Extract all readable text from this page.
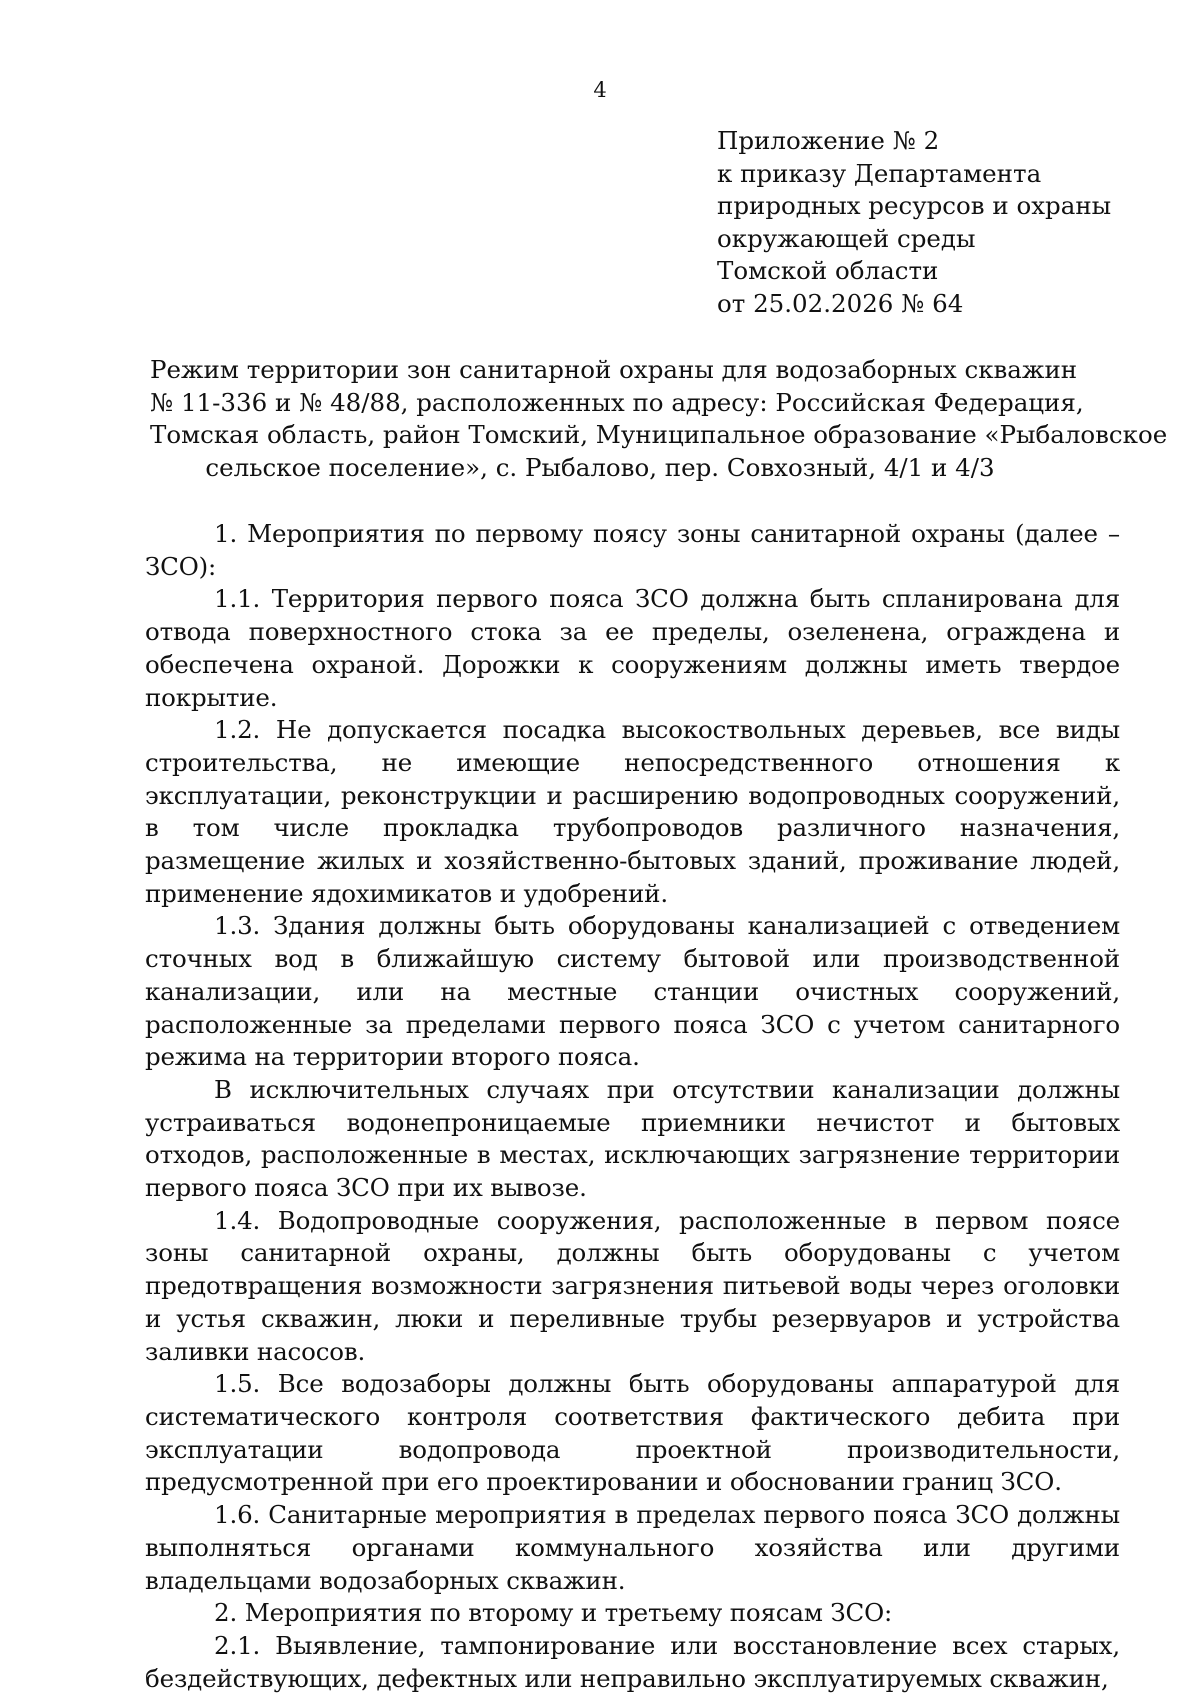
4
Приложение № 2
к приказу Департамента
природных ресурсов и охраны
окружающей среды
Томской области
от 25.02.2026 № 64
Режим территории зон санитарной охраны для водозаборных скважин
№ 11-336 и № 48/88, расположенных по адресу: Российская Федерация,
Томская область, район Томский, Муниципальное образование «Рыбаловское
сельское поселение», с. Рыбалово, пер. Совхозный, 4/1 и 4/3

1. Мероприятия по первому поясу зоны санитарной охраны (далее – ЗСО):

1.1. Территория первого пояса ЗСО должна быть спланирована для отвода поверхностного стока за ее пределы, озеленена, ограждена и обеспечена охраной. Дорожки к сооружениям должны иметь твердое покрытие.

1.2. Не допускается посадка высокоствольных деревьев, все виды строительства, не имеющие непосредственного отношения к эксплуатации, реконструкции и расширению водопроводных сооружений, в том числе прокладка трубопроводов различного назначения, размещение жилых и хозяйственно-бытовых зданий, проживание людей, применение ядохимикатов и удобрений.

1.3. Здания должны быть оборудованы канализацией с отведением сточных вод в ближайшую систему бытовой или производственной канализации, или на местные станции очистных сооружений, расположенные за пределами первого пояса ЗСО с учетом санитарного режима на территории второго пояса.

В исключительных случаях при отсутствии канализации должны устраиваться водонепроницаемые приемники нечистот и бытовых отходов, расположенные в местах, исключающих загрязнение территории первого пояса ЗСО при их вывозе.

1.4. Водопроводные сооружения, расположенные в первом поясе зоны санитарной охраны, должны быть оборудованы с учетом предотвращения возможности загрязнения питьевой воды через оголовки и устья скважин, люки и переливные трубы резервуаров и устройства заливки насосов.

1.5. Все водозаборы должны быть оборудованы аппаратурой для систематического контроля соответствия фактического дебита при эксплуатации водопровода проектной производительности, предусмотренной при его проектировании и обосновании границ ЗСО.

1.6. Санитарные мероприятия в пределах первого пояса ЗСО должны выполняться органами коммунального хозяйства или другими владельцами водозаборных скважин.

2. Мероприятия по второму и третьему поясам ЗСО:

2.1. Выявление, тампонирование или восстановление всех старых, бездействующих, дефектных или неправильно эксплуатируемых скважин,
